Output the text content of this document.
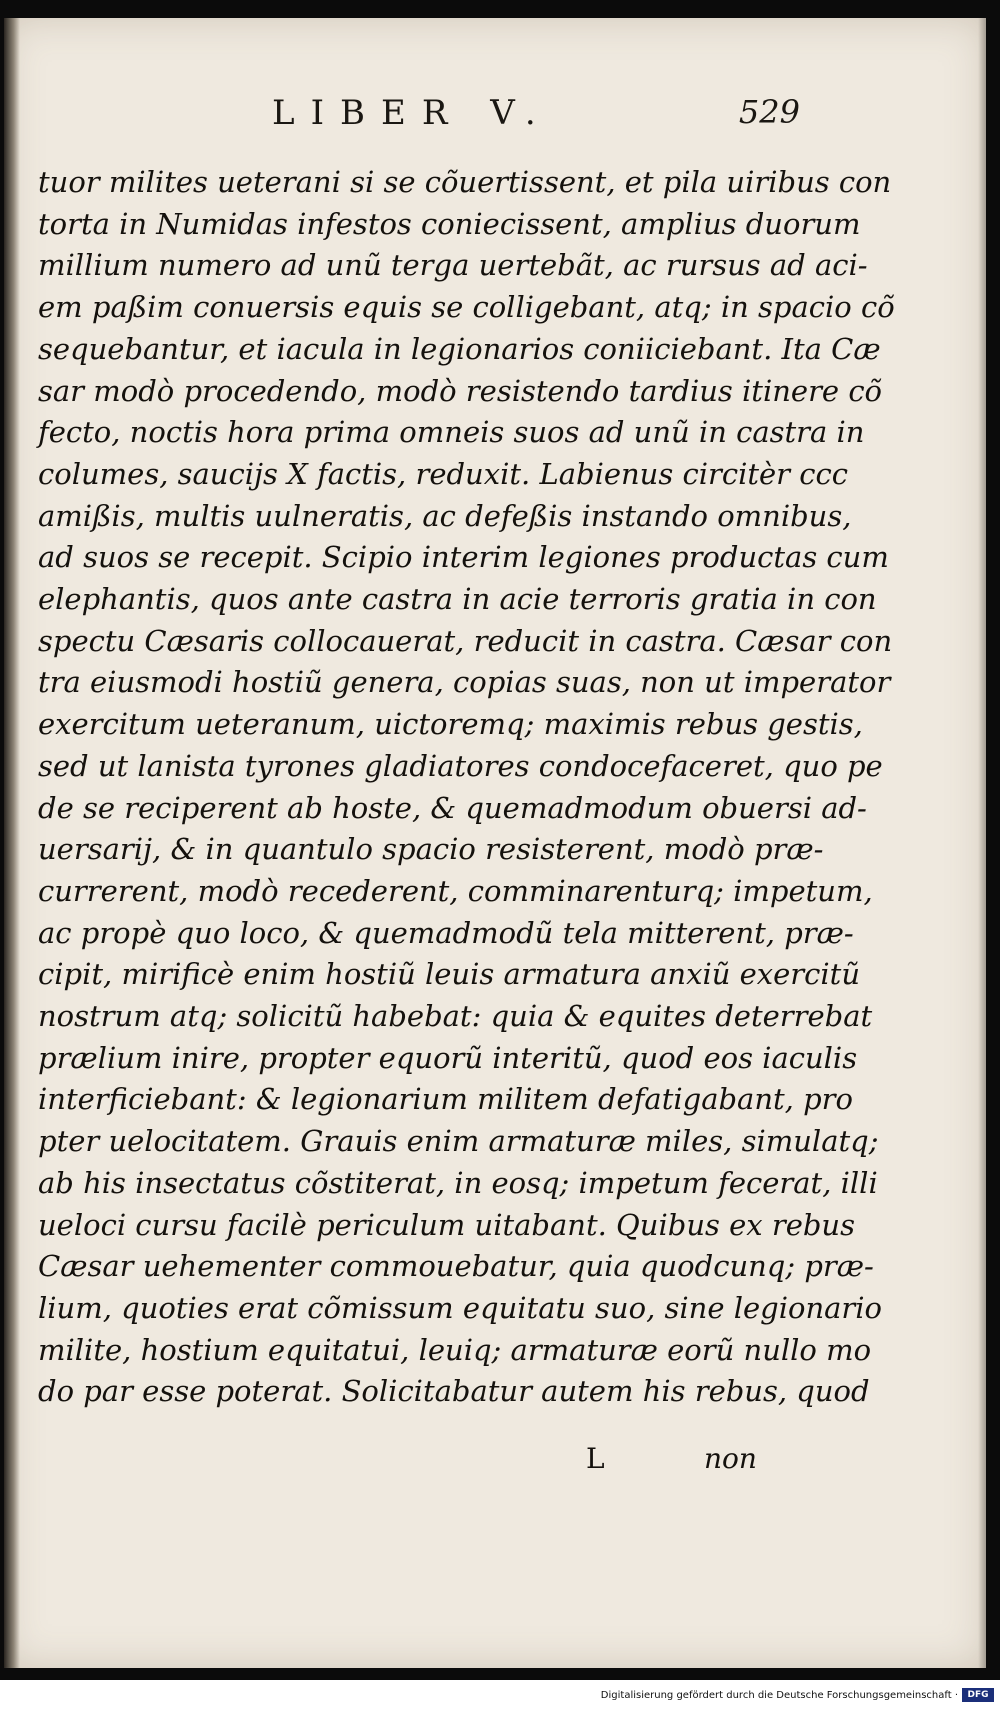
LIBER V.	529
tuor milites ueterani si se cõuertissent, et pila uiribus con
torta in Numidas infestos coniecissent, amplius duorum
millium numero ad unũ terga uertebãt, ac rursus ad aci-
em paßim conuersis equis se colligebant, atq; in spacio cõ
sequebantur, et iacula in legionarios coniiciebant. Ita Cæ
sar modò procedendo, modò resistendo tardius itinere cõ
fecto, noctis hora prima omneis suos ad unũ in castra in
columes, saucijs X factis, reduxit. Labienus circitèr ccc
amißis, multis uulneratis, ac defeßis instando omnibus,
ad suos se recepit. Scipio interim legiones productas cum
elephantis, quos ante castra in acie terroris gratia in con
spectu Cæsaris collocauerat, reducit in castra. Cæsar con
tra eiusmodi hostiũ genera, copias suas, non ut imperator
exercitum ueteranum, uictoremq; maximis rebus gestis,
sed ut lanista tyrones gladiatores condocefaceret, quo pe
de se reciperent ab hoste, & quemadmodum obuersi ad-
uersarij, & in quantulo spacio resisterent, modò præ-
currerent, modò recederent, comminarenturq; impetum,
ac propè quo loco, & quemadmodũ tela mitterent, præ-
cipit, mirificè enim hostiũ leuis armatura anxiũ exercitũ
nostrum atq; solicitũ habebat: quia & equites deterrebat
prælium inire, propter equorũ interitũ, quod eos iaculis
interficiebant: & legionarium militem defatigabant, pro
pter uelocitatem. Grauis enim armaturæ miles, simulatq;
ab his insectatus cõstiterat, in eosq; impetum fecerat, illi
ueloci cursu facilè periculum uitabant. Quibus ex rebus
Cæsar uehementer commouebatur, quia quodcunq; præ-
lium, quoties erat cõmissum equitatu suo, sine legionario
milite, hostium equitatui, leuiq; armaturæ eorũ nullo mo
do par esse poterat. Solicitabatur autem his rebus, quod
L	non
Digitalisierung gefördert durch die Deutsche Forschungsgemeinschaft ·	DFG
